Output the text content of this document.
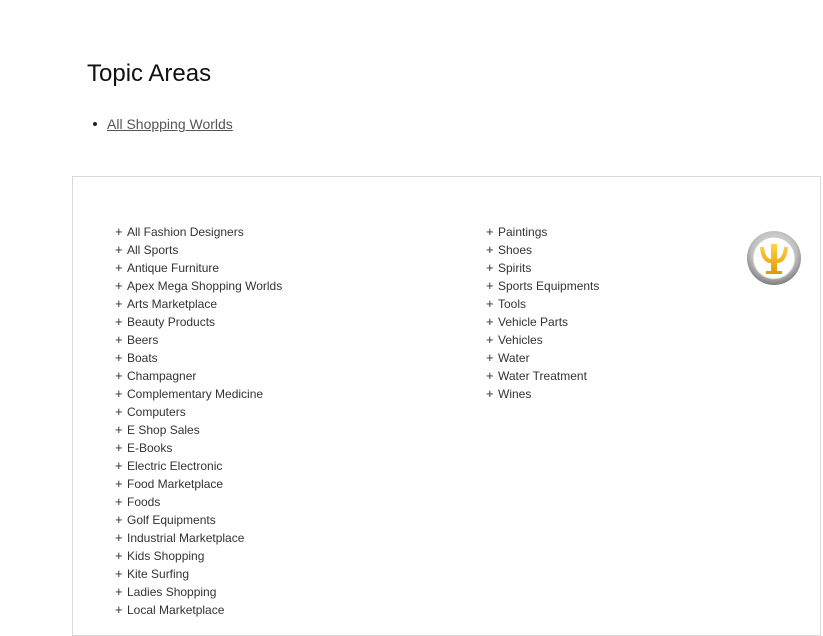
Topic Areas
All Shopping Worlds
+ All Fashion Designers
+ All Sports
+ Antique Furniture
+ Apex Mega Shopping Worlds
+ Arts Marketplace
+ Beauty Products
+ Beers
+ Boats
+ Champagner
+ Complementary Medicine
+ Computers
+ E Shop Sales
+ E-Books
+ Electric Electronic
+ Food Marketplace
+ Foods
+ Golf Equipments
+ Industrial Marketplace
+ Kids Shopping
+ Kite Surfing
+ Ladies Shopping
+ Local Marketplace
+ Paintings
+ Shoes
+ Spirits
+ Sports Equipments
+ Tools
+ Vehicle Parts
+ Vehicles
+ Water
+ Water Treatment
+ Wines
